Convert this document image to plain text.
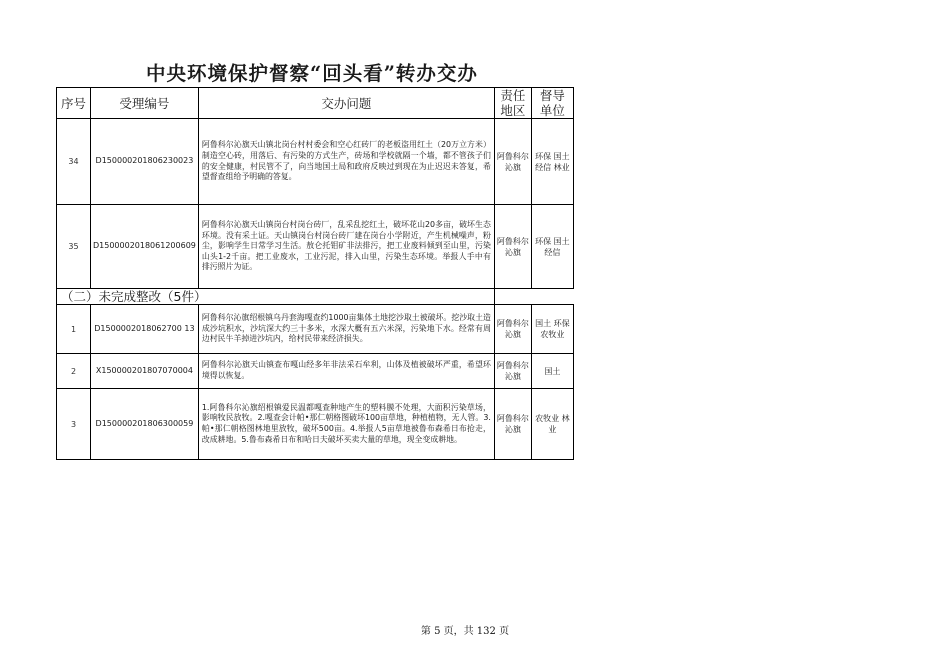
中央环境保护督察“回头看”转办交办
序号	受理编号	交办问题	责任地区	督导单位
34	D150000201806230023	阿鲁科尔沁旗天山镇北岗台村村委会和空心红砖厂的老板盗用红土（20万立方米）制造空心砖，用落后、有污染的方式生产，砖场和学校就隔一个墙，都不管孩子们的安全健康，村民管不了，向当地国土局和政府反映过到现在为止迟迟未答复，希望督查组给予明确的答复。	阿鲁科尔沁旗	环保 国土 经信 林业
35	D1500002018061200609	阿鲁科尔沁旗天山镇岗台村岗台砖厂，乱采乱挖红土，破坏花山20多亩，破坏生态环境。没有采土证。天山镇岗台村岗台砖厂建在岗台小学附近，产生机械噪声，粉尘，影响学生日常学习生活。敖仑托钼矿非法排污，把工业废料倾到至山里，污染山头1-2千亩。把工业废水，工业污泥，排入山里，污染生态环境。举报人手中有排污照片为证。	阿鲁科尔沁旗	环保 国土 经信
（二）未完成整改（5件）				
1	D1500002018062700 13	阿鲁科尔沁旗绍根镇乌丹套海嘎查约1000亩集体土地挖沙取土被破坏。挖沙取土造成沙坑积水，沙坑深大约三十多米，水深大概有五六米深，污染地下水。经常有周边村民牛羊掉进沙坑内，给村民带来经济损失。	阿鲁科尔沁旗	国土 环保 农牧业
2	X150000201807070004	阿鲁科尔沁旗天山镇查布嘎山经多年非法采石牟利，山体及植被破坏严重，希望环境得以恢复。	阿鲁科尔沁旗	国土
3	D150000201806300059	1.阿鲁科尔沁旗绍根镇爱民温都嘎查种地产生的塑料膜不处理，大面积污染草场，影响牧民放牧。2.嘎查会计帕•那仁朝格图破坏100亩草地，种植植物，无人管。3.帕•那仁朝格图林地里放牧，破坏500亩。4.举报人5亩草地被鲁布森希日布抢走，改成耕地。5.鲁布森希日布和哈日夫破坏买卖大量的草地，现全变成耕地。	阿鲁科尔沁旗	农牧业 林业
第 5 页，共 132 页
